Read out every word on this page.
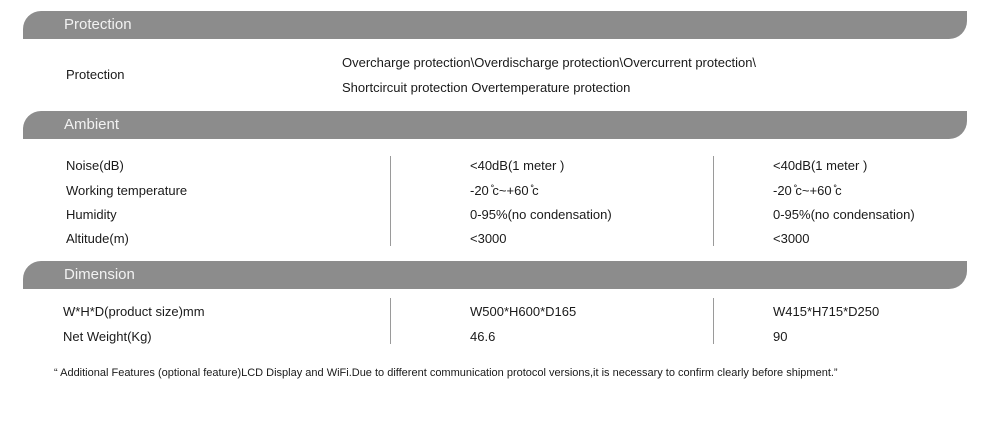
Protection
Protection
Overcharge protection\Overdischarge protection\Overcurrent protection\
Shortcircuit protection Overtemperature protection
Ambient
Noise(dB)	<40dB(1 meter )	<40dB(1 meter )
Working temperature	-20 ̊c~+60 ̊c	-20 ̊c~+60 ̊c
Humidity	0-95%(no condensation)	0-95%(no condensation)
Altitude(m)	<3000	<3000
Dimension
W*H*D(product size)mm	W500*H600*D165	W415*H715*D250
Net Weight(Kg)	46.6	90
“ Additional Features (optional feature)LCD Display and WiFi.Due to different communication protocol versions,it is necessary to confirm clearly before shipment.”
